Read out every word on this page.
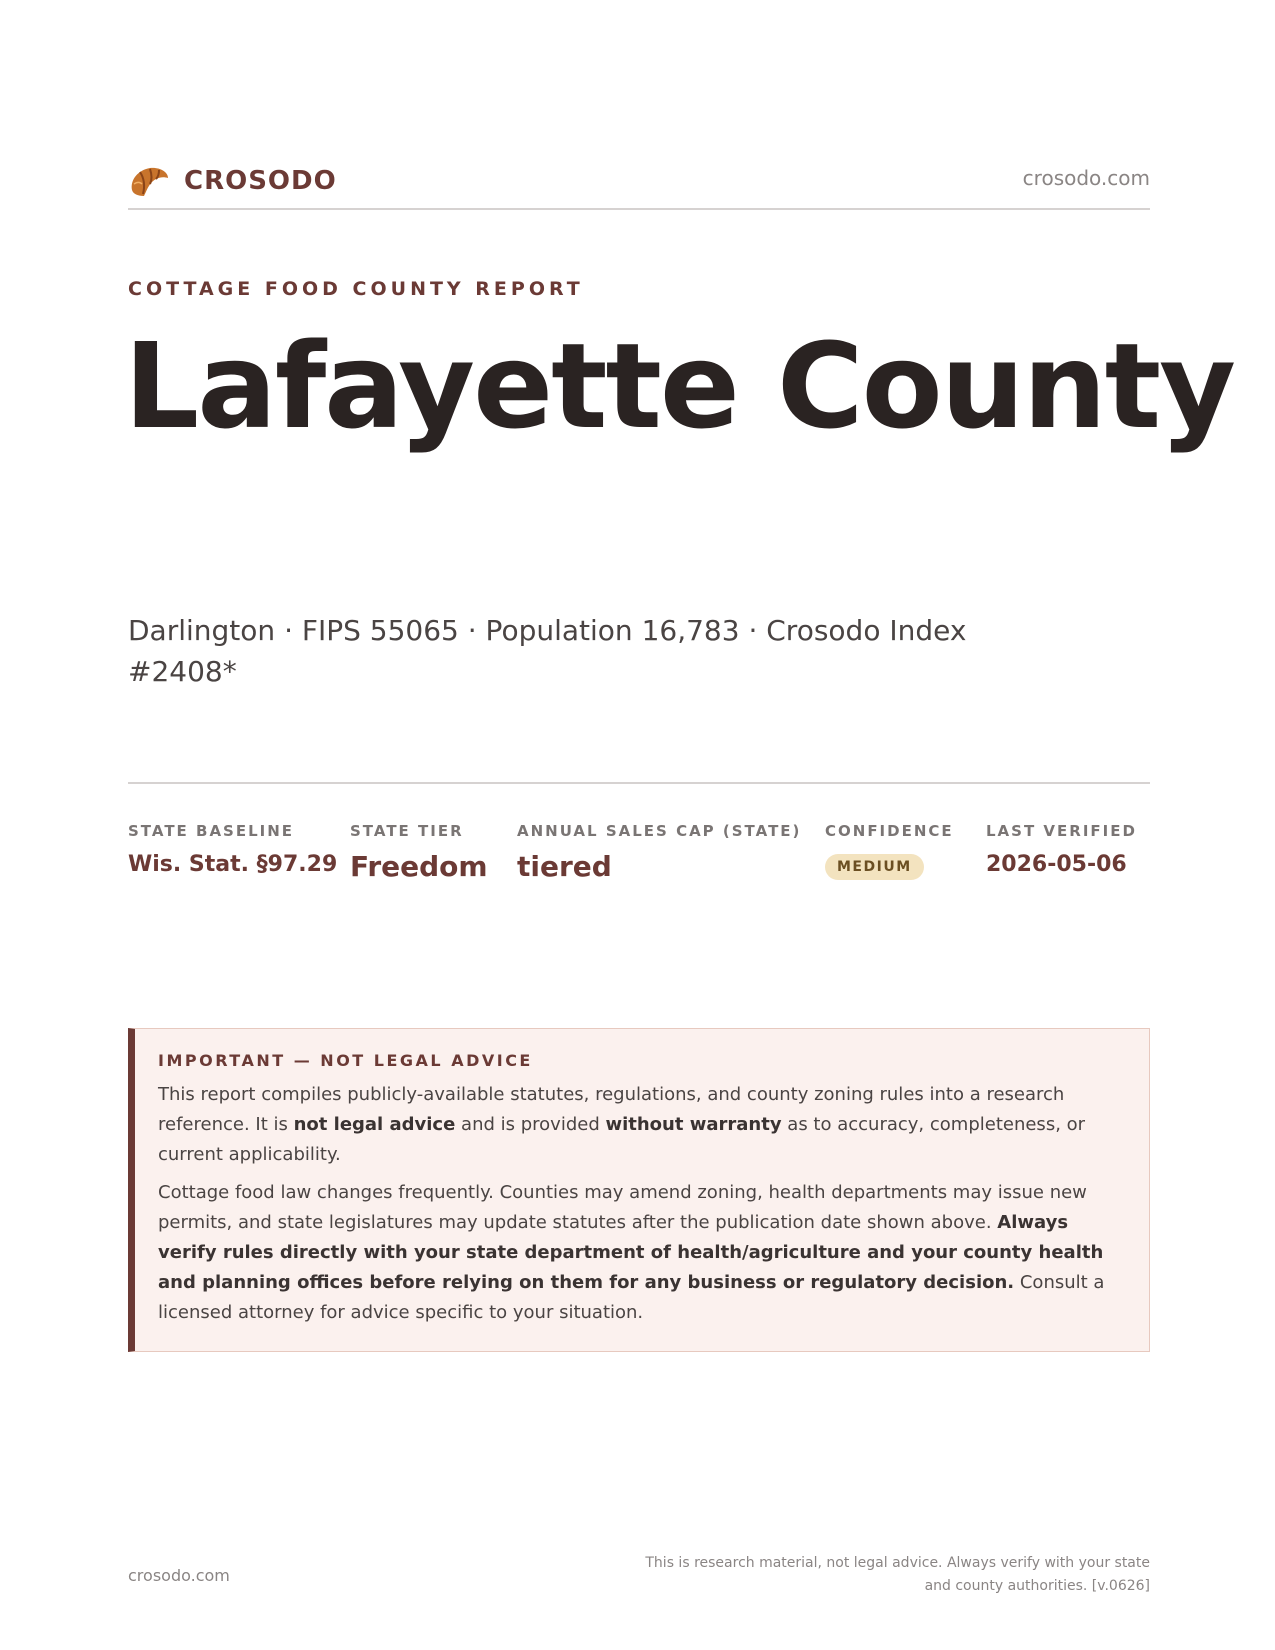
CROSODO	crosodo.com
COTTAGE FOOD COUNTY REPORT
Lafayette County
Darlington · FIPS 55065 · Population 16,783 · Crosodo Index #2408*
STATE BASELINE
Wis. Stat. §97.29
STATE TIER
Freedom
ANNUAL SALES CAP (STATE)
tiered
CONFIDENCE
MEDIUM
LAST VERIFIED
2026-05-06
IMPORTANT — NOT LEGAL ADVICE

This report compiles publicly-available statutes, regulations, and county zoning rules into a research reference. It is not legal advice and is provided without warranty as to accuracy, completeness, or current applicability.

Cottage food law changes frequently. Counties may amend zoning, health departments may issue new permits, and state legislatures may update statutes after the publication date shown above. Always verify rules directly with your state department of health/agriculture and your county health and planning offices before relying on them for any business or regulatory decision. Consult a licensed attorney for advice specific to your situation.

crosodo.com
This is research material, not legal advice. Always verify with your state and county authorities. [v.0626]
